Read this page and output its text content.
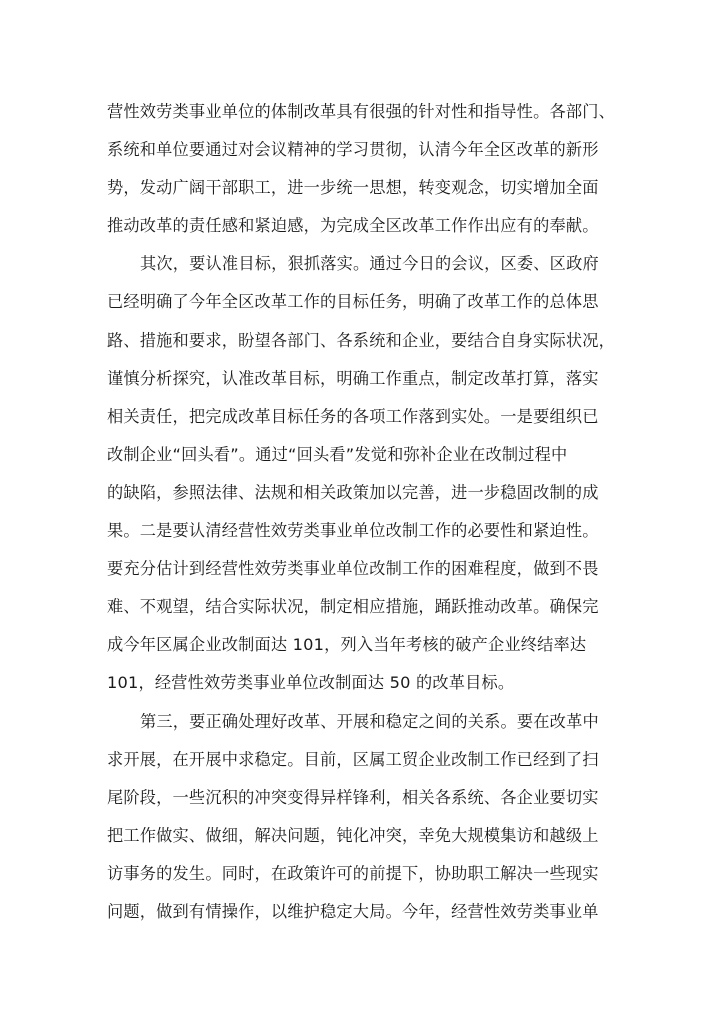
营性效劳类事业单位的体制改革具有很强的针对性和指导性。各部门、
系统和单位要通过对会议精神的学习贯彻，认清今年全区改革的新形
势，发动广阔干部职工，进一步统一思想，转变观念，切实增加全面
推动改革的责任感和紧迫感，为完成全区改革工作作出应有的奉献。
其次，要认准目标，狠抓落实。通过今日的会议，区委、区政府
已经明确了今年全区改革工作的目标任务，明确了改革工作的总体思
路、措施和要求，盼望各部门、各系统和企业，要结合自身实际状况，
谨慎分析探究，认准改革目标，明确工作重点，制定改革打算，落实
相关责任，把完成改革目标任务的各项工作落到实处。一是要组织已
改制企业“回头看”。通过“回头看”发觉和弥补企业在改制过程中
的缺陷，参照法律、法规和相关政策加以完善，进一步稳固改制的成
果。二是要认清经营性效劳类事业单位改制工作的必要性和紧迫性。
要充分估计到经营性效劳类事业单位改制工作的困难程度，做到不畏
难、不观望，结合实际状况，制定相应措施，踊跃推动改革。确保完
成今年区属企业改制面达 101，列入当年考核的破产企业终结率达
101，经营性效劳类事业单位改制面达 50 的改革目标。
第三，要正确处理好改革、开展和稳定之间的关系。要在改革中
求开展，在开展中求稳定。目前，区属工贸企业改制工作已经到了扫
尾阶段，一些沉积的冲突变得异样锋利，相关各系统、各企业要切实
把工作做实、做细，解决问题，钝化冲突，幸免大规模集访和越级上
访事务的发生。同时，在政策许可的前提下，协助职工解决一些现实
问题，做到有情操作，以维护稳定大局。今年，经营性效劳类事业单
